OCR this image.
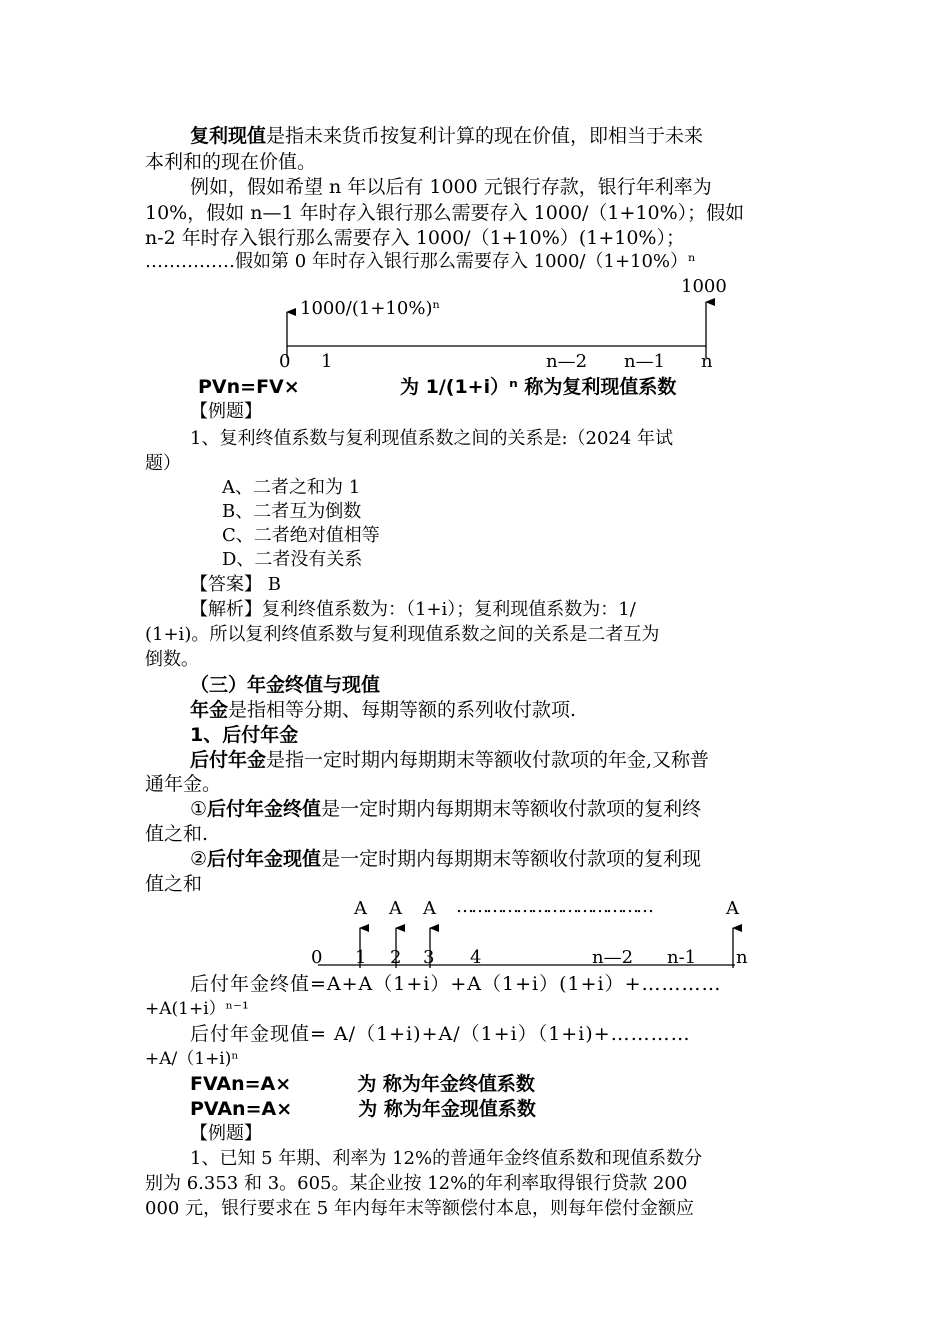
复利现值是指未来货币按复利计算的现在价值，即相当于未来
本利和的现在价值。
例如，假如希望 n 年以后有 1000 元银行存款，银行年利率为
10%，假如 n—1 年时存入银行那么需要存入 1000/（1+10%）；假如
n-2 年时存入银行那么需要存入 1000/（1+10%）(1+10%）；
……………假如第 0 年时存入银行那么需要存入 1000/（1+10%）ⁿ
1000
1000/(1+10%)ⁿ
0 1	n—2 n—1 n
PVn=FV×	为 1/(1+i）ⁿ 称为复利现值系数
【例题】
1、复利终值系数与复利现值系数之间的关系是:（2024 年试
题）
A、二者之和为 1
B、二者互为倒数
C、二者绝对值相等
D、二者没有关系
【答案】 B
【解析】复利终值系数为：（1+i）；复利现值系数为：1/
(1+i)。所以复利终值系数与复利现值系数之间的关系是二者互为
倒数。
（三）年金终值与现值
年金是指相等分期、每期等额的系列收付款项.
1、后付年金
后付年金是指一定时期内每期期末等额收付款项的年金,又称普
通年金。
①后付年金终值是一定时期内每期期末等额收付款项的复利终
值之和.
②后付年金现值是一定时期内每期期末等额收付款项的复利现
值之和
A A A …………………………………	A
0 1 2 3 4	n—2 n-1 n
后付年金终值=A+A（1+i）+A（1+i）(1+i）+…………
+A(1+i）ⁿ⁻¹
后付年金现值= A/（1+i)+A/（1+i）（1+i)+…………
+A/（1+i)ⁿ
FVAn=A×          为 称为年金终值系数
PVAn=A×          为 称为年金现值系数
【例题】
1、已知 5 年期、利率为 12%的普通年金终值系数和现值系数分
别为 6.353 和 3。605。某企业按 12%的年利率取得银行贷款 200
000 元，银行要求在 5 年内每年末等额偿付本息，则每年偿付金额应
